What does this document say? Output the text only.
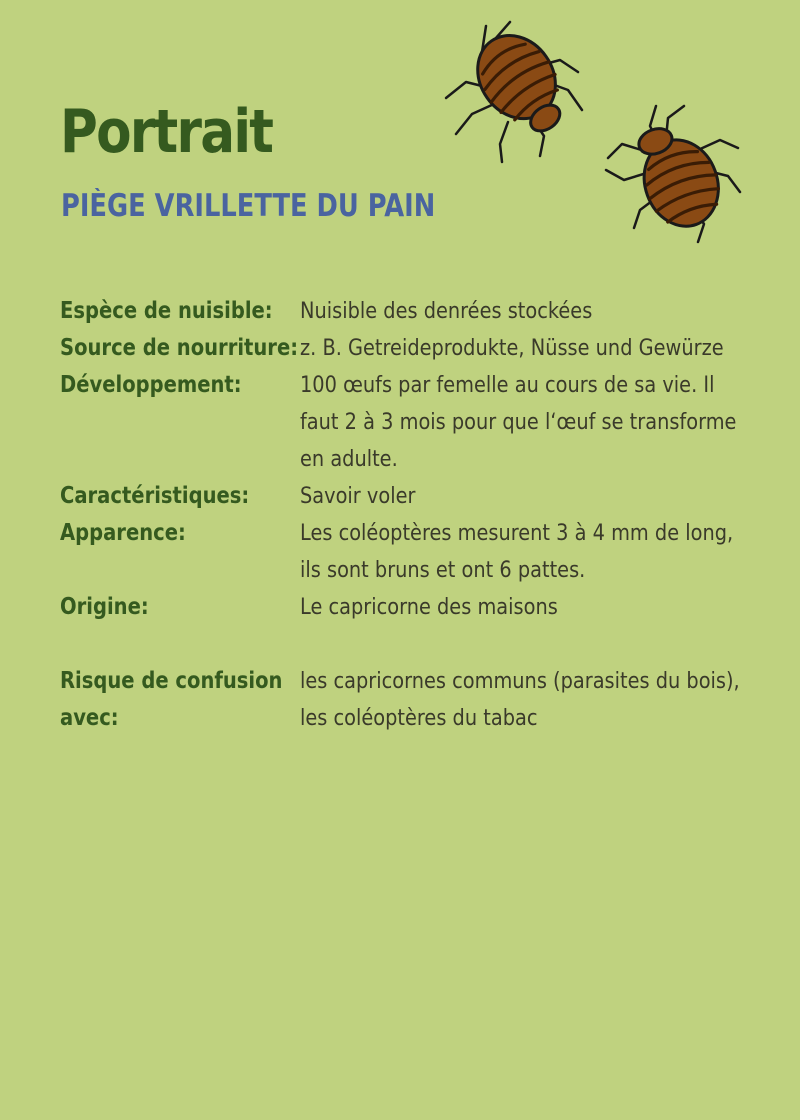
Portrait
PIÈGE VRILLETTE DU PAIN
Espèce de nuisible: Nuisible des denrées stockées
Source de nourriture: z. B. Getreideprodukte, Nüsse und Gewürze
Développement:	100 œufs par femelle au cours de sa vie. Il faut 2 à 3 mois pour que l‘œuf se transforme en adulte.
Caractéristiques: Savoir voler
Apparence:	Les coléoptères mesurent 3 à 4 mm de long, ils sont bruns et ont 6 pattes.
Origine:	Le capricorne des maisons
Risque de confusion
avec:
les capricornes communs (parasites du bois), les coléoptères du tabac
